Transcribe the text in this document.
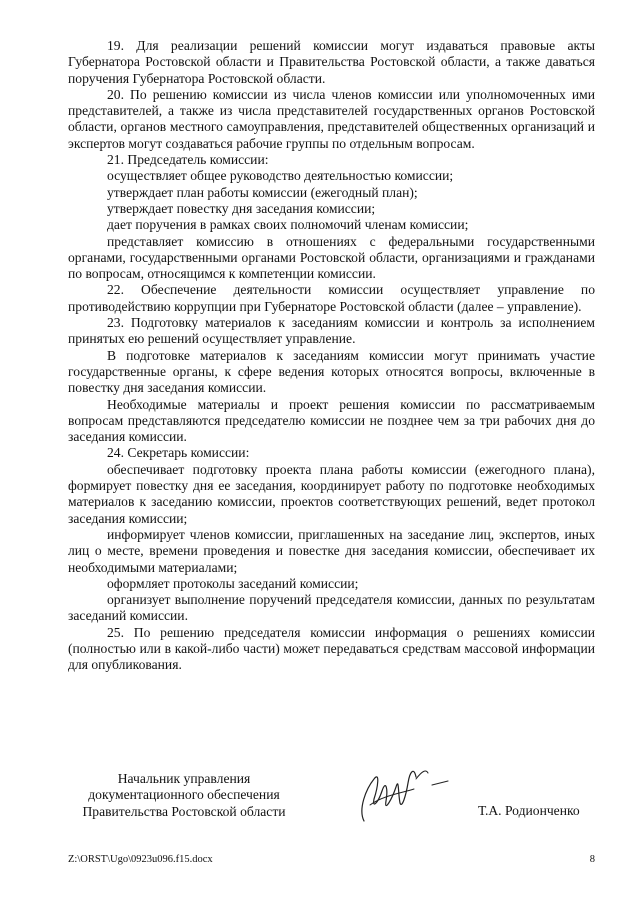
19. Для реализации решений комиссии могут издаваться правовые акты Губернатора Ростовской области и Правительства Ростовской области, а также даваться поручения Губернатора Ростовской области.

20. По решению комиссии из числа членов комиссии или уполномоченных ими представителей, а также из числа представителей государственных органов Ростовской области, органов местного самоуправления, представителей общественных организаций и экспертов могут создаваться рабочие группы по отдельным вопросам.

21. Председатель комиссии:

осуществляет общее руководство деятельностью комиссии;

утверждает план работы комиссии (ежегодный план);

утверждает повестку дня заседания комиссии;

дает поручения в рамках своих полномочий членам комиссии;

представляет комиссию в отношениях с федеральными государственными органами, государственными органами Ростовской области, организациями и гражданами по вопросам, относящимся к компетенции комиссии.

22. Обеспечение деятельности комиссии осуществляет управление по противодействию коррупции при Губернаторе Ростовской области (далее – управление).

23. Подготовку материалов к заседаниям комиссии и контроль за исполнением принятых ею решений осуществляет управление.

В подготовке материалов к заседаниям комиссии могут принимать участие государственные органы, к сфере ведения которых относятся вопросы, включенные в повестку дня заседания комиссии.

Необходимые материалы и проект решения комиссии по рассматриваемым вопросам представляются председателю комиссии не позднее чем за три рабочих дня до заседания комиссии.

24. Секретарь комиссии:

обеспечивает подготовку проекта плана работы комиссии (ежегодного плана), формирует повестку дня ее заседания, координирует работу по подготовке необходимых материалов к заседанию комиссии, проектов соответствующих решений, ведет протокол заседания комиссии;

информирует членов комиссии, приглашенных на заседание лиц, экспертов, иных лиц о месте, времени проведения и повестке дня заседания комиссии, обеспечивает их необходимыми материалами;

оформляет протоколы заседаний комиссии;

организует выполнение поручений председателя комиссии, данных по результатам заседаний комиссии.

25. По решению председателя комиссии информация о решениях комиссии (полностью или в какой-либо части) может передаваться средствам массовой информации для опубликования.

Начальник управления
документационного обеспечения
Правительства Ростовской области	Т.А. Родионченко
Z:\ORST\Ugo\0923u096.f15.docx	8
